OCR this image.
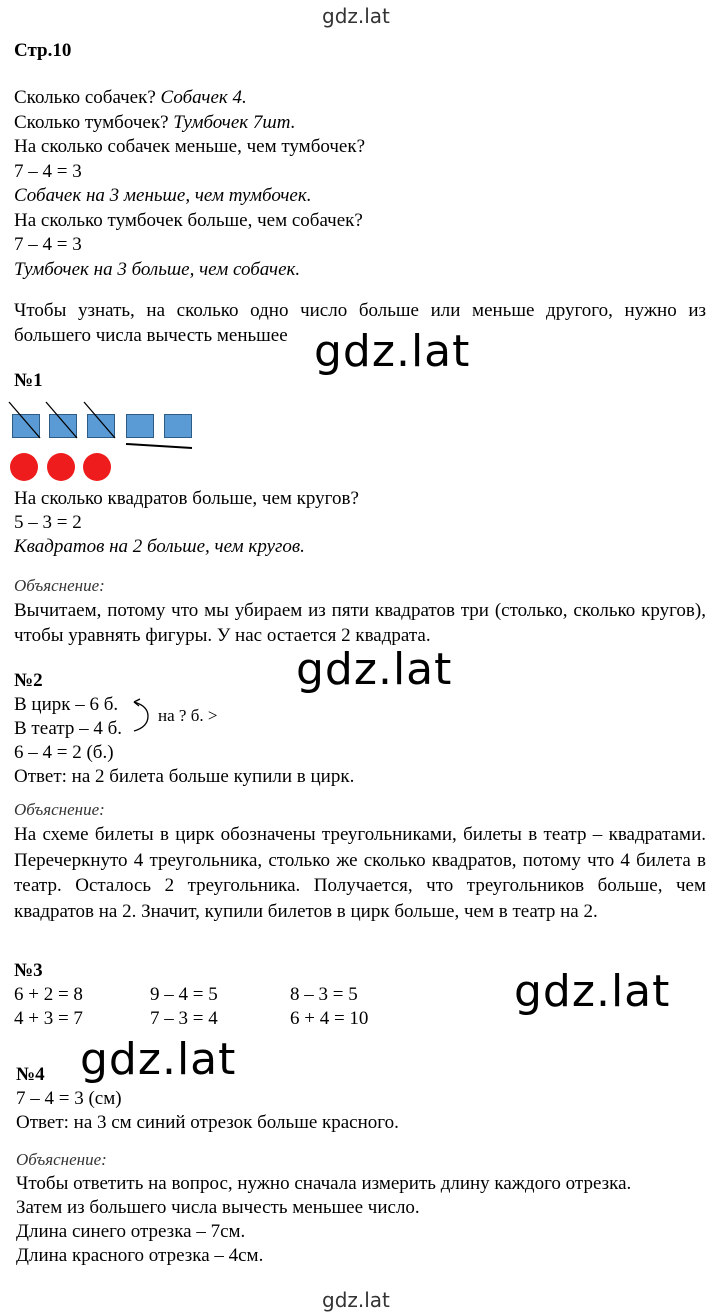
gdz.lat
gdz.lat
gdz.lat
gdz.lat
gdz.lat
gdz.lat
Стр.10
Сколько собачек? Собачек 4.
Сколько тумбочек? Тумбочек 7шт.
На сколько собачек меньше, чем тумбочек?
7 – 4 = 3
Собачек на 3 меньше, чем тумбочек.
На сколько тумбочек больше, чем собачек?
7 – 4 = 3
Тумбочек на 3 больше, чем собачек.
Чтобы узнать, на сколько одно число больше или меньше другого, нужно из большего числа вычесть меньшее
№1
На сколько квадратов больше, чем кругов?
5 – 3 = 2
Квадратов на 2 больше, чем кругов.
Объяснение:
Вычитаем, потому что мы убираем из пяти квадратов три (столько, сколько кругов), чтобы уравнять фигуры. У нас остается 2 квадрата.
№2
В цирк – 6 б.
В театр – 4 б.
на ? б. >
6 – 4 = 2 (б.)
Ответ: на 2 билета больше купили в цирк.
Объяснение:
На схеме билеты в цирк обозначены треугольниками, билеты в театр – квадратами. Перечеркнуто 4 треугольника, столько же сколько квадратов, потому что 4 билета в театр. Осталось 2 треугольника. Получается, что треугольников больше, чем квадратов на 2. Значит, купили билетов в цирк больше, чем в театр на 2.
№3
6 + 2 = 8	9 – 4 = 5	8 – 3 = 5
4 + 3 = 7	7 – 3 = 4	6 + 4 = 10
№4
7 – 4 = 3 (см)
Ответ: на 3 см синий отрезок больше красного.
Объяснение:
Чтобы ответить на вопрос, нужно сначала измерить длину каждого отрезка.
Затем из большего числа вычесть меньшее число.
Длина синего отрезка – 7см.
Длина красного отрезка – 4см.
